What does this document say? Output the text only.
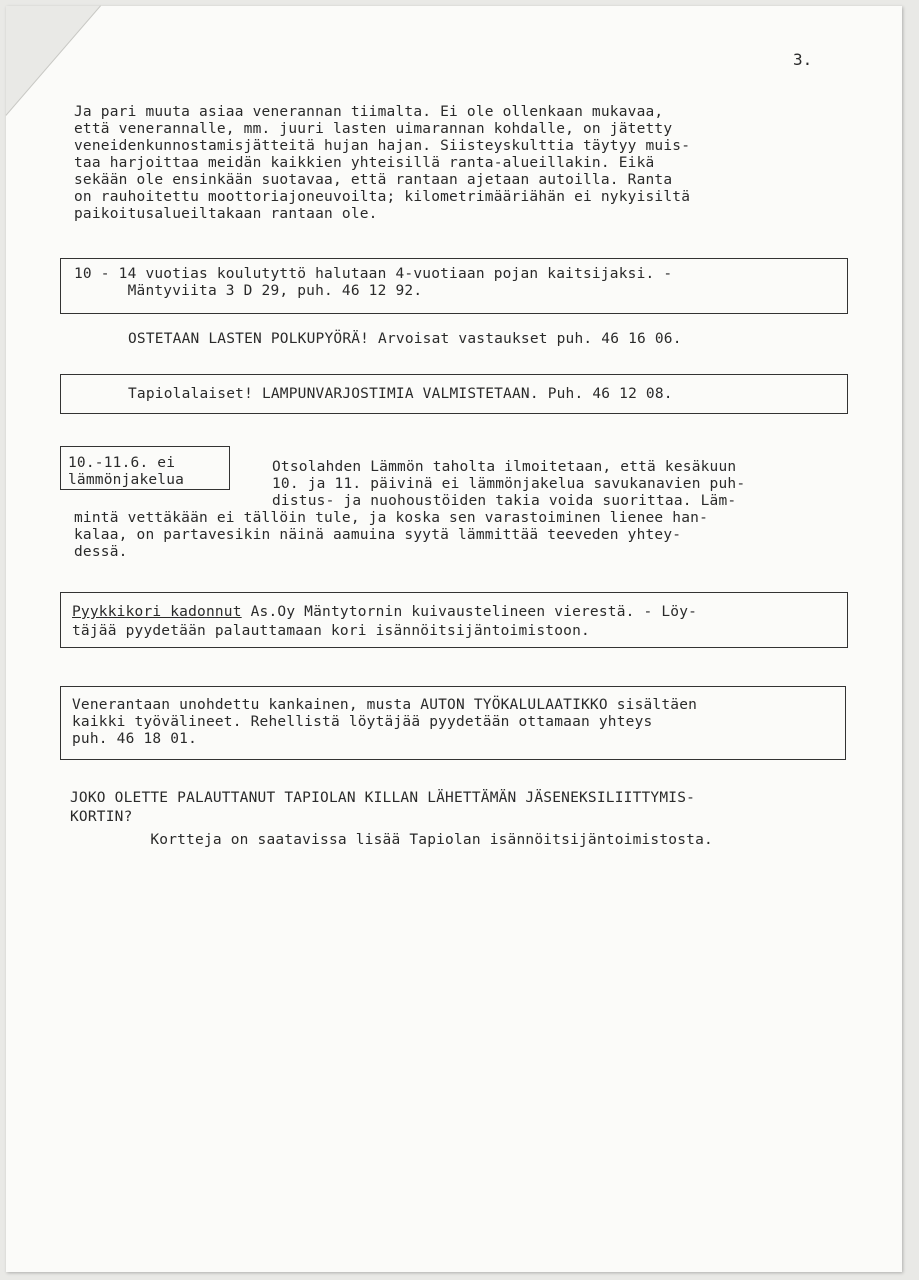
3.
Ja pari muuta asiaa venerannan tiimalta. Ei ole ollenkaan mukavaa,
että venerannalle, mm. juuri lasten uimarannan kohdalle, on jätetty
veneidenkunnostamisjätteitä hujan hajan. Siisteyskulttia täytyy muis-
taa harjoittaa meidän kaikkien yhteisillä ranta-alueillakin. Eikä
sekään ole ensinkään suotavaa, että rantaan ajetaan autoilla. Ranta
on rauhoitettu moottoriajoneuvoilta; kilometrimääriähän ei nykyisiltä
paikoitusalueiltakaan rantaan ole.
10 - 14 vuotias koulutyttö halutaan 4-vuotiaan pojan kaitsijaksi. -
Mäntyviita 3 D 29, puh. 46 12 92.
OSTETAAN LASTEN POLKUPYÖRÄ! Arvoisat vastaukset puh. 46 16 06.
Tapiolalaiset! LAMPUNVARJOSTIMIA VALMISTETAAN. Puh. 46 12 08.
10.-11.6. ei
lämmönjakelua
Otsolahden Lämmön taholta ilmoitetaan, että kesäkuun
10. ja 11. päivinä ei lämmönjakelua savukanavien puh-
distus- ja nuohoustöiden takia voida suorittaa. Läm-
mintä vettäkään ei tällöin tule, ja koska sen varastoiminen lienee han-
kalaa, on partavesikin näinä aamuina syytä lämmittää teeveden yhtey-
dessä.
Pyykkikori kadonnut As.Oy Mäntytornin kuivaustelineen vierestä. - Löy-
täjää pyydetään palauttamaan kori isännöitsijäntoimistoon.
Venerantaan unohdettu kankainen, musta AUTON TYÖKALULAATIKKO sisältäen
kaikki työvälineet. Rehellistä löytäjää pyydetään ottamaan yhteys
puh. 46 18 01.
JOKO OLETTE PALAUTTANUT TAPIOLAN KILLAN LÄHETTÄMÄN JÄSENEKSILIITTYMIS-
KORTIN?
Kortteja on saatavissa lisää Tapiolan isännöitsijäntoimistosta.
